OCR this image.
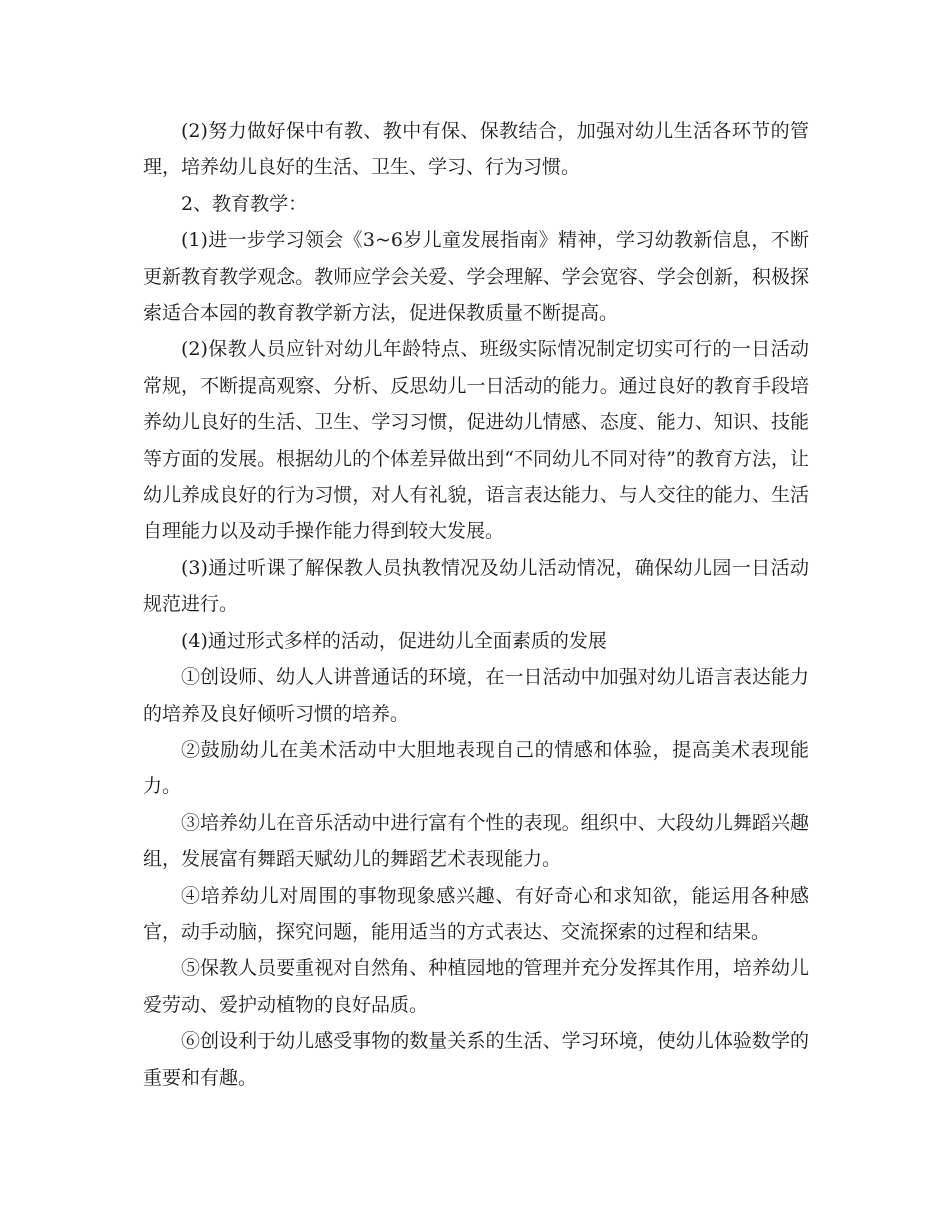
(2)努力做好保中有教、教中有保、保教结合，加强对幼儿生活各环节的管理，培养幼儿良好的生活、卫生、学习、行为习惯。

2、教育教学：

(1)进一步学习领会《3~6岁儿童发展指南》精神，学习幼教新信息，不断更新教育教学观念。教师应学会关爱、学会理解、学会宽容、学会创新，积极探索适合本园的教育教学新方法，促进保教质量不断提高。

(2)保教人员应针对幼儿年龄特点、班级实际情况制定切实可行的一日活动常规，不断提高观察、分析、反思幼儿一日活动的能力。通过良好的教育手段培养幼儿良好的生活、卫生、学习习惯，促进幼儿情感、态度、能力、知识、技能等方面的发展。根据幼儿的个体差异做出到“不同幼儿不同对待”的教育方法，让幼儿养成良好的行为习惯，对人有礼貌，语言表达能力、与人交往的能力、生活自理能力以及动手操作能力得到较大发展。

(3)通过听课了解保教人员执教情况及幼儿活动情况，确保幼儿园一日活动规范进行。

(4)通过形式多样的活动，促进幼儿全面素质的发展

①创设师、幼人人讲普通话的环境，在一日活动中加强对幼儿语言表达能力的培养及良好倾听习惯的培养。

②鼓励幼儿在美术活动中大胆地表现自己的情感和体验，提高美术表现能力。

③培养幼儿在音乐活动中进行富有个性的表现。组织中、大段幼儿舞蹈兴趣组，发展富有舞蹈天赋幼儿的舞蹈艺术表现能力。

④培养幼儿对周围的事物现象感兴趣、有好奇心和求知欲，能运用各种感官，动手动脑，探究问题，能用适当的方式表达、交流探索的过程和结果。

⑤保教人员要重视对自然角、种植园地的管理并充分发挥其作用，培养幼儿爱劳动、爱护动植物的良好品质。

⑥创设利于幼儿感受事物的数量关系的生活、学习环境，使幼儿体验数学的重要和有趣。
